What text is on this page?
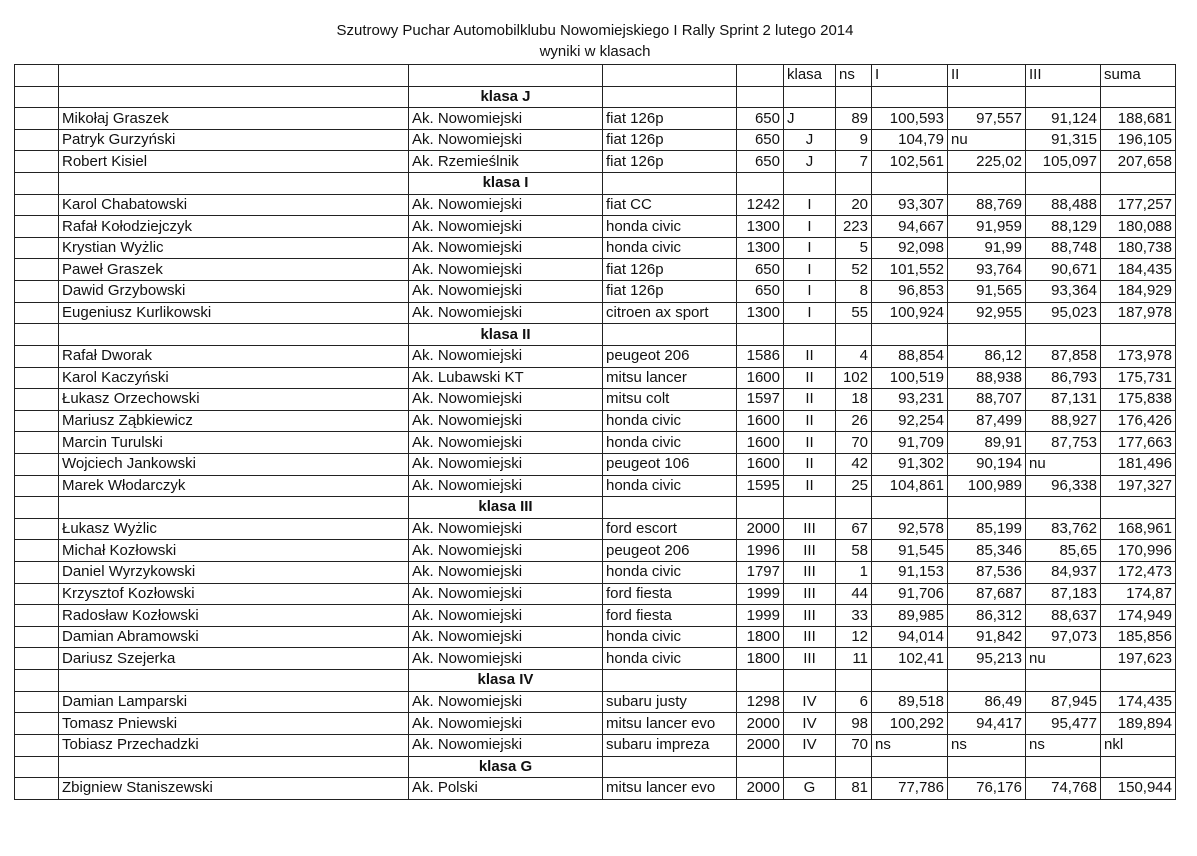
Szutrowy Puchar Automobilklubu Nowomiejskiego I Rally Sprint 2 lutego 2014
wyniki w klasach
					klasa	ns	I	II	III	suma
		klasa J								
	Mikołaj Graszek	Ak. Nowomiejski	fiat 126p	650	J	89	100,593	97,557	91,124	188,681
	Patryk Gurzyński	Ak. Nowomiejski	fiat 126p	650	J	9	104,79	nu	91,315	196,105
	Robert Kisiel	Ak. Rzemieślnik	fiat 126p	650	J	7	102,561	225,02	105,097	207,658
		klasa I								
	Karol Chabatowski	Ak. Nowomiejski	fiat CC	1242	I	20	93,307	88,769	88,488	177,257
	Rafał Kołodziejczyk	Ak. Nowomiejski	honda civic	1300	I	223	94,667	91,959	88,129	180,088
	Krystian Wyżlic	Ak. Nowomiejski	honda civic	1300	I	5	92,098	91,99	88,748	180,738
	Paweł Graszek	Ak. Nowomiejski	fiat 126p	650	I	52	101,552	93,764	90,671	184,435
	Dawid Grzybowski	Ak. Nowomiejski	fiat 126p	650	I	8	96,853	91,565	93,364	184,929
	Eugeniusz Kurlikowski	Ak. Nowomiejski	citroen ax sport	1300	I	55	100,924	92,955	95,023	187,978
		klasa II								
	Rafał Dworak	Ak. Nowomiejski	peugeot 206	1586	II	4	88,854	86,12	87,858	173,978
	Karol Kaczyński	Ak. Lubawski KT	mitsu lancer	1600	II	102	100,519	88,938	86,793	175,731
	Łukasz Orzechowski	Ak. Nowomiejski	mitsu colt	1597	II	18	93,231	88,707	87,131	175,838
	Mariusz Ząbkiewicz	Ak. Nowomiejski	honda civic	1600	II	26	92,254	87,499	88,927	176,426
	Marcin Turulski	Ak. Nowomiejski	honda civic	1600	II	70	91,709	89,91	87,753	177,663
	Wojciech Jankowski	Ak. Nowomiejski	peugeot 106	1600	II	42	91,302	90,194	nu	181,496
	Marek Włodarczyk	Ak. Nowomiejski	honda civic	1595	II	25	104,861	100,989	96,338	197,327
		klasa III								
	Łukasz Wyżlic	Ak. Nowomiejski	ford escort	2000	III	67	92,578	85,199	83,762	168,961
	Michał Kozłowski	Ak. Nowomiejski	peugeot 206	1996	III	58	91,545	85,346	85,65	170,996
	Daniel Wyrzykowski	Ak. Nowomiejski	honda civic	1797	III	1	91,153	87,536	84,937	172,473
	Krzysztof Kozłowski	Ak. Nowomiejski	ford fiesta	1999	III	44	91,706	87,687	87,183	174,87
	Radosław Kozłowski	Ak. Nowomiejski	ford fiesta	1999	III	33	89,985	86,312	88,637	174,949
	Damian Abramowski	Ak. Nowomiejski	honda civic	1800	III	12	94,014	91,842	97,073	185,856
	Dariusz Szejerka	Ak. Nowomiejski	honda civic	1800	III	11	102,41	95,213	nu	197,623
		klasa IV								
	Damian Lamparski	Ak. Nowomiejski	subaru justy	1298	IV	6	89,518	86,49	87,945	174,435
	Tomasz Pniewski	Ak. Nowomiejski	mitsu lancer evo	2000	IV	98	100,292	94,417	95,477	189,894
	Tobiasz Przechadzki	Ak. Nowomiejski	subaru impreza	2000	IV	70	ns	ns	ns	nkl
		klasa G								
	Zbigniew Staniszewski	Ak. Polski	mitsu lancer evo	2000	G	81	77,786	76,176	74,768	150,944
